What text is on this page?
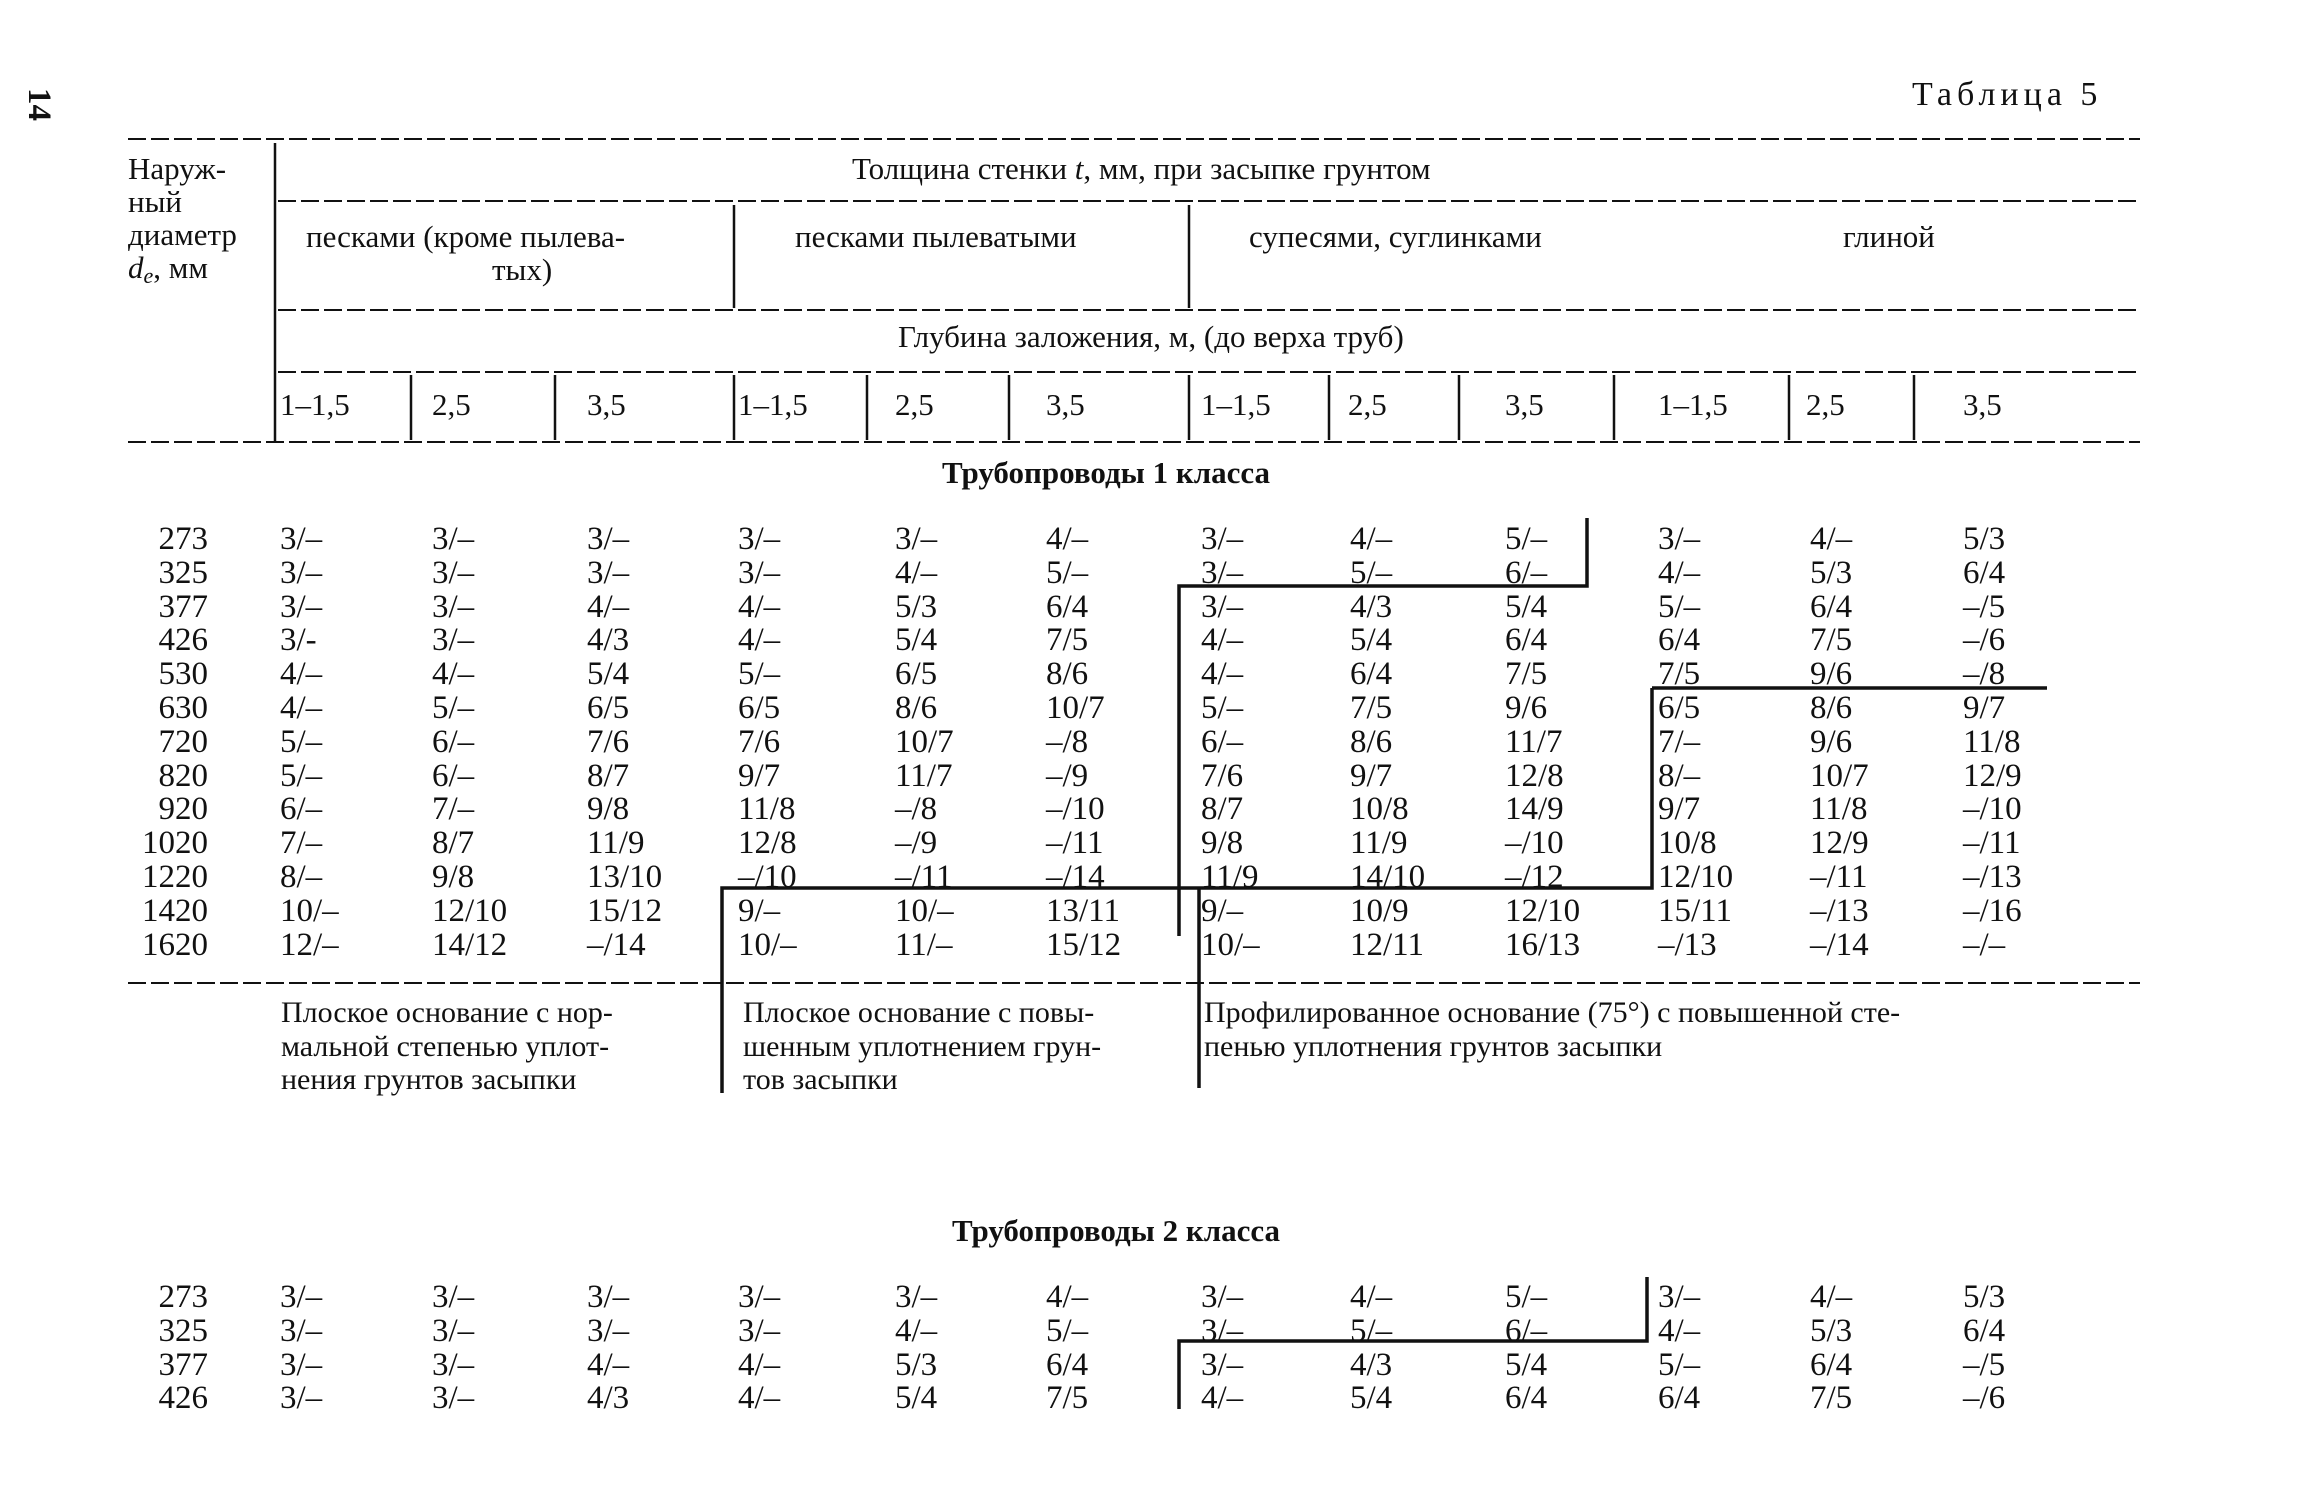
14	Таблица 5
Наруж-
ный
диаметр
$d_e$, мм
Толщина стенки t, мм, при засыпке грунтом
песками (кроме пылева-
тых)
песками пылеватыми	супесями, суглинками	глиной
Глубина заложения, м, (до верха труб)
1–1,5	2,5	3,5	1–1,5	2,5	3,5	1–1,5 2,5	3,5	1–1,5	2,5	3,5
Трубопроводы 1 класса
273 3/–	3/–	3/–	3/–	3/–	4/–	3/–	4/–	5/–	3/–	4/–	5/3
325 3/–	3/–	3/–	3/–	4/–	5/–	3/–	5/–	6/–	4/–	5/3	6/4
377 3/–	3/–	4/–	4/–	5/3	6/4	3/–	4/3	5/4	5/–	6/4	–/5
426 3/-	3/–	4/3	4/–	5/4	7/5	4/–	5/4	6/4	6/4	7/5	–/6
530 4/–	4/–	5/4	5/–	6/5	8/6	4/–	6/4	7/5	7/5	9/6	–/8
630 4/–	5/–	6/5	6/5	8/6	10/7	5/–	7/5	9/6	6/5	8/6	9/7
720 5/–	6/–	7/6	7/6	10/7	–/8	6/–	8/6	11/7	7/–	9/6	11/8
820 5/–	6/–	8/7	9/7	11/7	–/9	7/6	9/7	12/8	8/–	10/7	12/9
920 6/–	7/–	9/8	11/8	–/8	–/10	8/7	10/8	14/9	9/7	11/8	–/10
1020 7/–	8/7	11/9	12/8	–/9	–/11	9/8	11/9	–/10	10/8	12/9	–/11
1220 8/–	9/8	13/10 –/10	–/11	–/14	11/9	14/10 –/12	12/10 –/11	–/13
1420 10/–	12/10 15/12 9/–	10/–	13/11 9/–	10/9	12/10 15/11 –/13	–/16
1620 12/–	14/12 –/14	10/–	11/–	15/12 10/–	12/11 16/13 –/13	–/14	–/–
Плоское основание с нор-
мальной степенью уплот-
нения грунтов засыпки
Плоское основание с повы-
шенным уплотнением грун-
тов засыпки
Профилированное основание (75°) с повышенной сте-
пенью уплотнения грунтов засыпки
Трубопроводы 2 класса
273 3/–	3/–	3/–	3/–	3/–	4/–	3/–	4/–	5/–	3/–	4/–	5/3
325 3/–	3/–	3/–	3/–	4/–	5/–	3/–	5/–	6/–	4/–	5/3	6/4
377 3/–	3/–	4/–	4/–	5/3	6/4	3/–	4/3	5/4	5/–	6/4	–/5
426 3/–	3/–	4/3	4/–	5/4	7/5	4/–	5/4	6/4	6/4	7/5	–/6
